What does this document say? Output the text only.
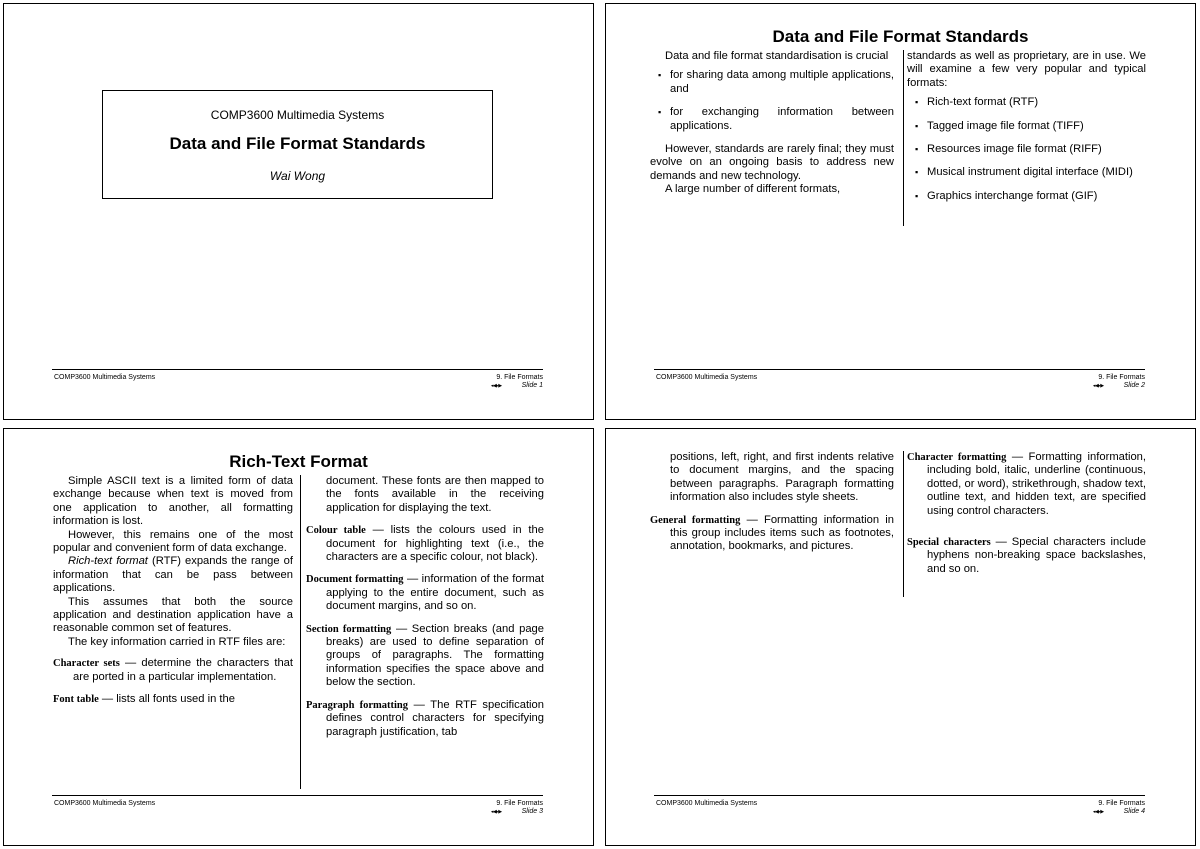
COMP3600 Multimedia Systems
Data and File Format Standards
Wai Wong
COMP3600 Multimedia Systems	9. File Formats
◂◀▸▶	Slide 1
Data and File Format Standards

Data and file format standardisation is crucial

▪ for sharing data among multiple applications, and
▪ for exchanging information between applications.

However, standards are rarely final; they must evolve on an ongoing basis to address new demands and new technology.

A large number of different formats,

standards as well as proprietary, are in use. We will examine a few very popular and typical formats:

▪ Rich-text format (RTF)
▪ Tagged image file format (TIFF)
▪ Resources image file format (RIFF)
▪ Musical instrument digital interface (MIDI)
▪ Graphics interchange format (GIF)
COMP3600 Multimedia Systems	9. File Formats
◂◀▸▶	Slide 2
Rich-Text Format

Simple ASCII text is a limited form of data exchange because when text is moved from one application to another, all formatting information is lost.

However, this remains one of the most popular and convenient form of data exchange.

Rich-text format (RTF) expands the range of information that can be pass between applications.

This assumes that both the source application and destination application have a reasonable common set of features.

The key information carried in RTF files are:

Character sets — determine the characters that are ported in a particular implementation.
Font table — lists all fonts used in the
document. These fonts are then mapped to the fonts available in the receiving application for displaying the text.
Colour table — lists the colours used in the document for highlighting text (i.e., the characters are a specific colour, not black).
Document formatting — information of the format applying to the entire document, such as document margins, and so on.
Section formatting — Section breaks (and page breaks) are used to define separation of groups of paragraphs. The formatting information specifies the space above and below the section.
Paragraph formatting — The RTF specification defines control characters for specifying paragraph justification, tab
COMP3600 Multimedia Systems	9. File Formats
◂◀▸▶	Slide 3
positions, left, right, and first indents relative to document margins, and the spacing between paragraphs. Paragraph formatting information also includes style sheets.
General formatting — Formatting information in this group includes items such as footnotes, annotation, bookmarks, and pictures.
Character formatting — Formatting information, including bold, italic, underline (continuous, dotted, or word), strikethrough, shadow text, outline text, and hidden text, are specified using control characters.
Special characters — Special characters include hyphens non-breaking space backslashes, and so on.
COMP3600 Multimedia Systems	9. File Formats
◂◀▸▶	Slide 4
